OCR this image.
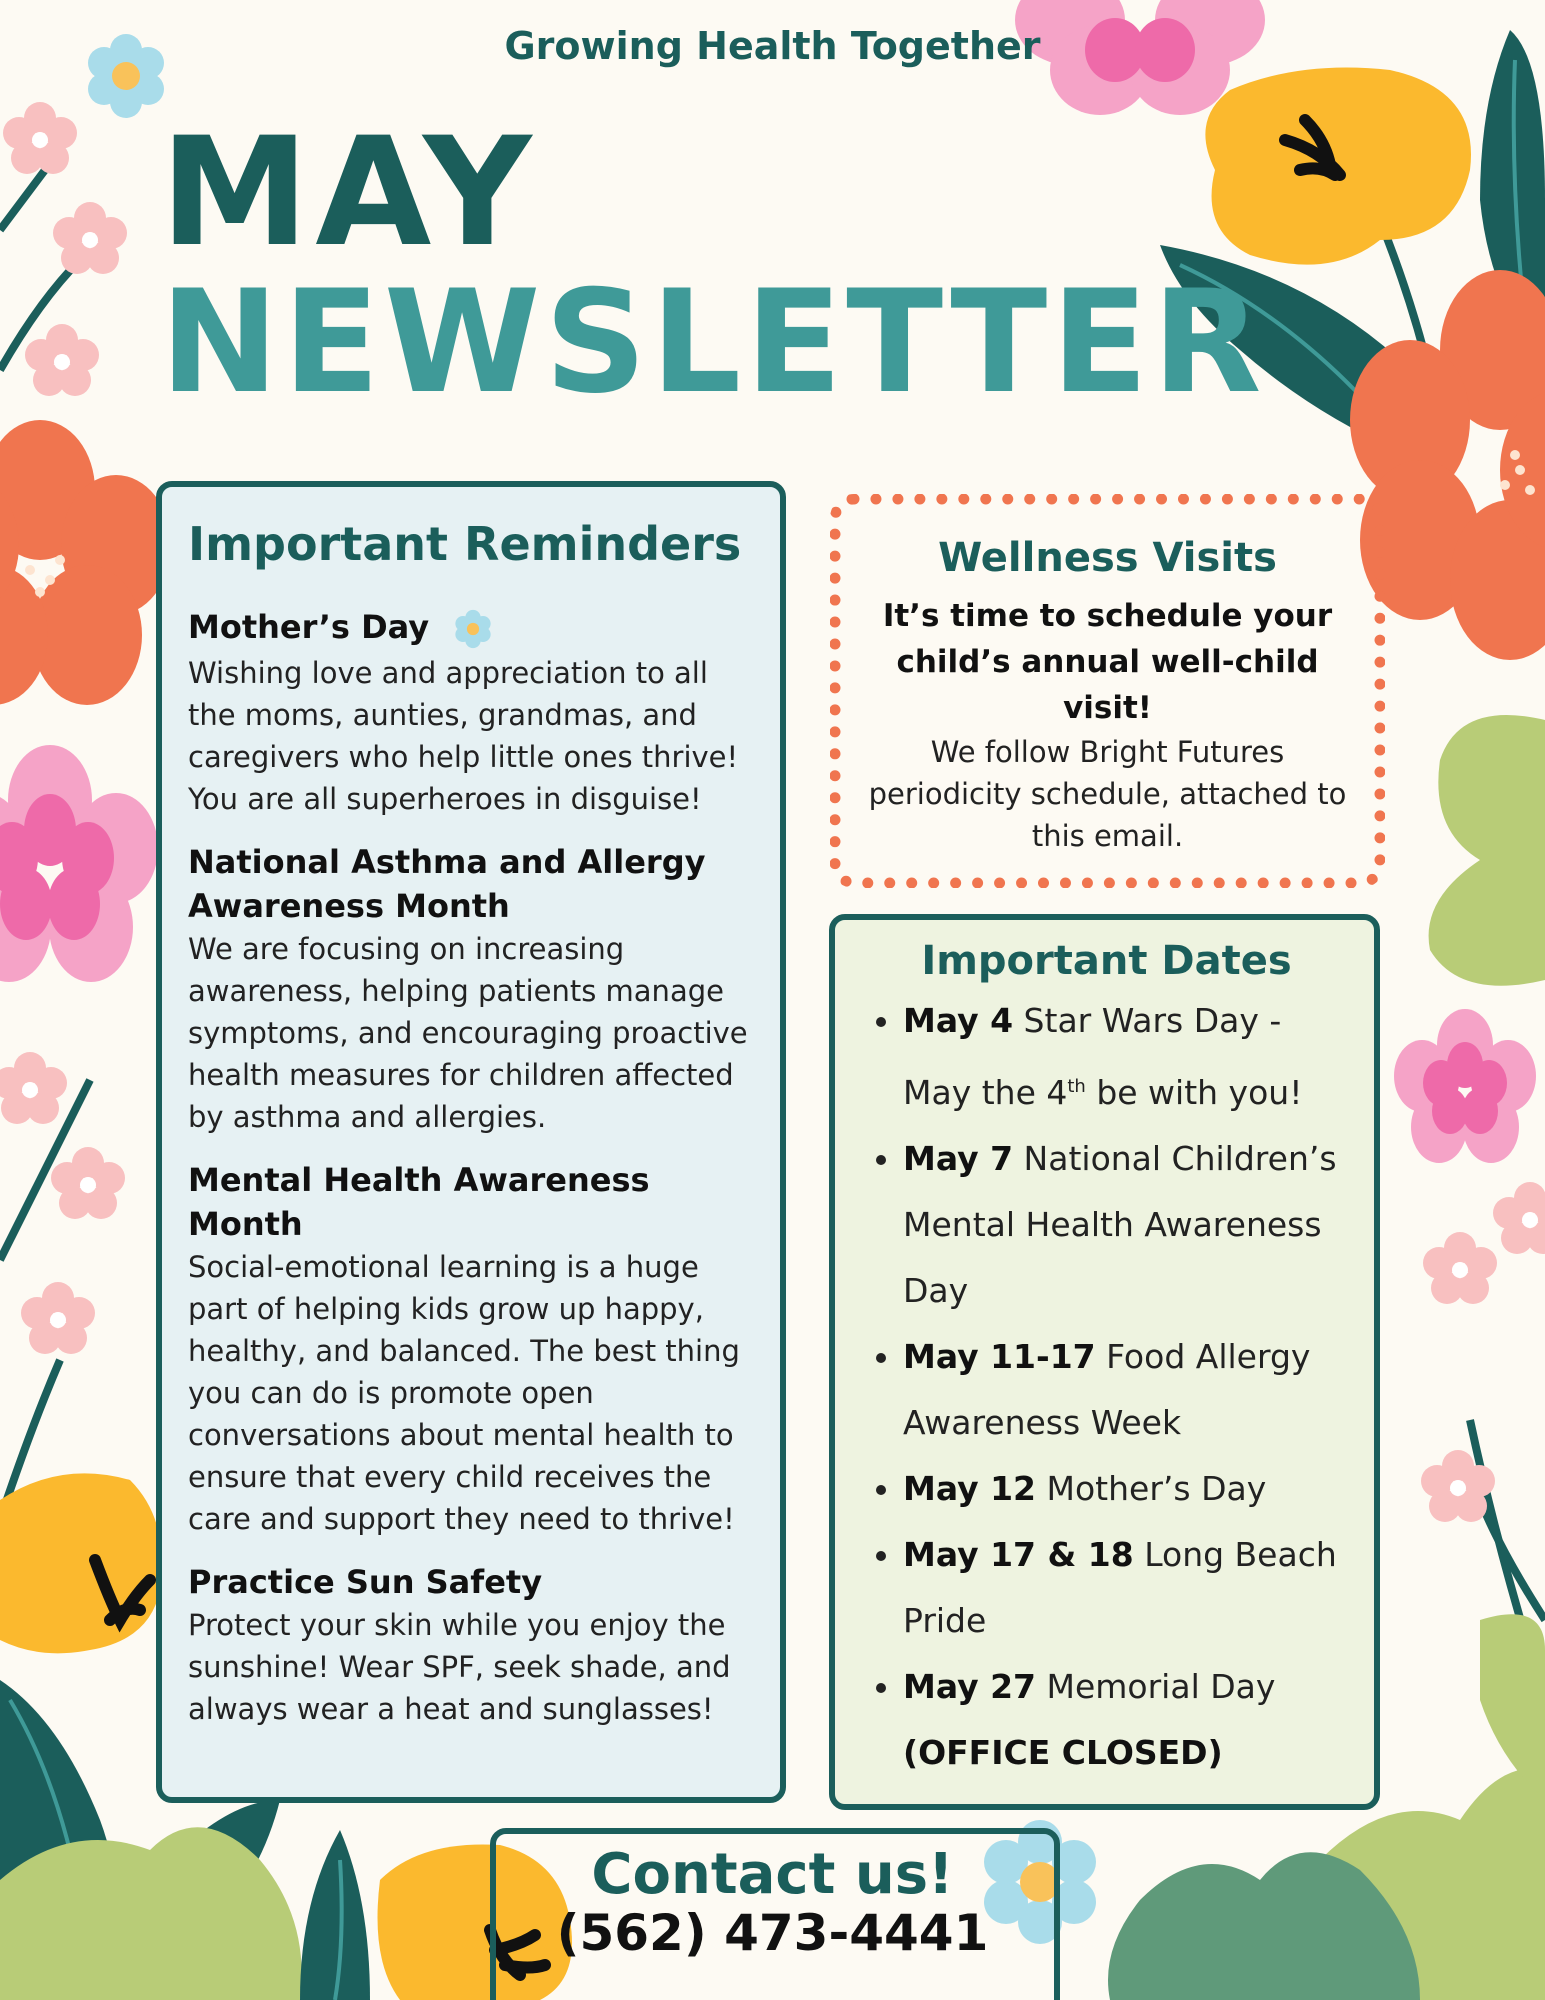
Growing Health Together
MAY
NEWSLETTER
Important Reminders
Mother’s Day
Wishing love and appreciation to all the moms, aunties, grandmas, and caregivers who help little ones thrive! You are all superheroes in disguise!
National Asthma and Allergy Awareness Month
We are focusing on increasing awareness, helping patients manage symptoms, and encouraging proactive health measures for children affected by asthma and allergies.
Mental Health Awareness Month
Social-emotional learning is a huge part of helping kids grow up happy, healthy, and balanced. The best thing you can do is promote open conversations about mental health to ensure that every child receives the care and support they need to thrive!
Practice Sun Safety
Protect your skin while you enjoy the sunshine! Wear SPF, seek shade, and always wear a heat and sunglasses!
Wellness Visits
It’s time to schedule your child’s annual well-child visit!
We follow Bright Futures periodicity schedule, attached to this email.
Important Dates
• May 4 Star Wars Day - May the 4th be with you!
• May 7 National Children’s Mental Health Awareness Day
• May 11-17 Food Allergy Awareness Week
• May 12 Mother’s Day
• May 17 & 18 Long Beach Pride
• May 27 Memorial Day (OFFICE CLOSED)
Contact us!
(562) 473-4441
